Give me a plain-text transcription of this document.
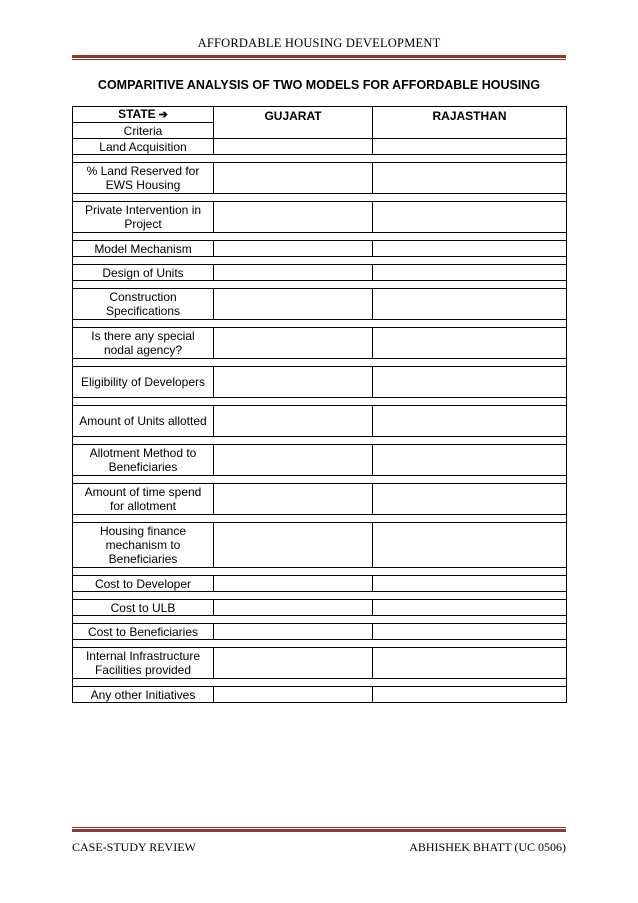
AFFORDABLE HOUSING DEVELOPMENT
COMPARITIVE ANALYSIS OF TWO MODELS FOR AFFORDABLE HOUSING
STATE ➔	GUJARAT	RAJASTHAN
Criteria		
Land Acquisition		

% Land Reserved for EWS Housing		

Private Intervention in Project		

Model Mechanism		

Design of Units		

Construction Specifications		

Is there any special nodal agency?		

Eligibility of Developers		

Amount of Units allotted		

Allotment Method to Beneficiaries		

Amount of time spend for allotment		

Housing finance mechanism to Beneficiaries		

Cost to Developer		

Cost to ULB		

Cost to Beneficiaries		

Internal Infrastructure Facilities provided		

Any other Initiatives		
CASE-STUDY REVIEW	ABHISHEK BHATT (UC 0506)
